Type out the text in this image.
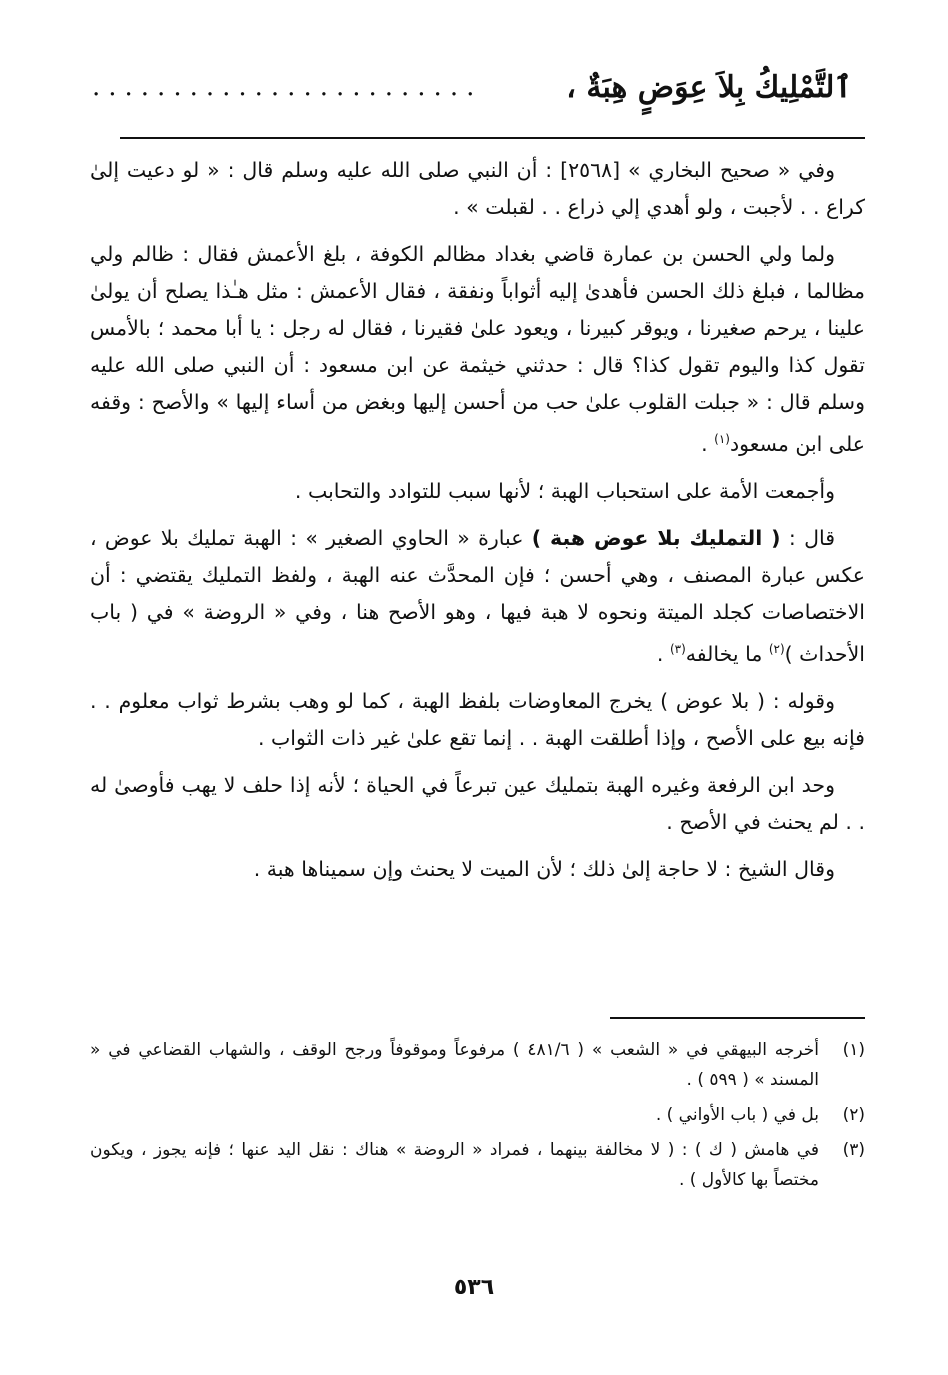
ٱلتَّمْلِيكُ بِلاَ عِوَضٍ هِبَةٌ ،
........................

وفي « صحيح البخاري » [٢٥٦٨] : أن النبي صلى الله عليه وسلم قال : « لو دعيت إلىٰ كراع . . لأجبت ، ولو أهدي إلي ذراع . . لقبلت » .

ولما ولي الحسن بن عمارة قاضي بغداد مظالم الكوفة ، بلغ الأعمش فقال : ظالم ولي مظالما ، فبلغ ذلك الحسن فأهدىٰ إليه أثواباً ونفقة ، فقال الأعمش : مثل هـٰذا يصلح أن يولىٰ علينا ، يرحم صغيرنا ، ويوقر كبيرنا ، ويعود علىٰ فقيرنا ، فقال له رجل : يا أبا محمد ؛ بالأمس تقول كذا واليوم تقول كذا؟ قال : حدثني خيثمة عن ابن مسعود : أن النبي صلى الله عليه وسلم قال : « جبلت القلوب علىٰ حب من أحسن إليها وبغض من أساء إليها » والأصح : وقفه على ابن مسعود$^{(١)}$ .

وأجمعت الأمة على استحباب الهبة ؛ لأنها سبب للتوادد والتحابب .

قال : ( التمليك بلا عوض هبة ) عبارة « الحاوي الصغير » : الهبة تمليك بلا عوض ، عكس عبارة المصنف ، وهي أحسن ؛ فإن المحدَّث عنه الهبة ، ولفظ التمليك يقتضي : أن الاختصاصات كجلد الميتة ونحوه لا هبة فيها ، وهو الأصح هنا ، وفي « الروضة » في ( باب الأحداث )$^{(٢)}$ ما يخالفه$^{(٣)}$ .

وقوله : ( بلا عوض ) يخرج المعاوضات بلفظ الهبة ، كما لو وهب بشرط ثواب معلوم . . فإنه بيع على الأصح ، وإذا أطلقت الهبة . . إنما تقع علىٰ غير ذات الثواب .

وحد ابن الرفعة وغيره الهبة بتمليك عين تبرعاً في الحياة ؛ لأنه إذا حلف لا يهب فأوصىٰ له . . لم يحنث في الأصح .

وقال الشيخ : لا حاجة إلىٰ ذلك ؛ لأن الميت لا يحنث وإن سميناها هبة .

(١)
أخرجه البيهقي في « الشعب » ( ٤٨١/٦ ) مرفوعاً وموقوفاً ورجح الوقف ، والشهاب القضاعي في « المسند » ( ٥٩٩ ) .
(٢)
بل في ( باب الأواني ) .
(٣)
في هامش ( ك ) : ( لا مخالفة بينهما ، فمراد « الروضة » هناك : نقل اليد عنها ؛ فإنه يجوز ، ويكون مختصاً بها كالأول ) .
٥٣٦
